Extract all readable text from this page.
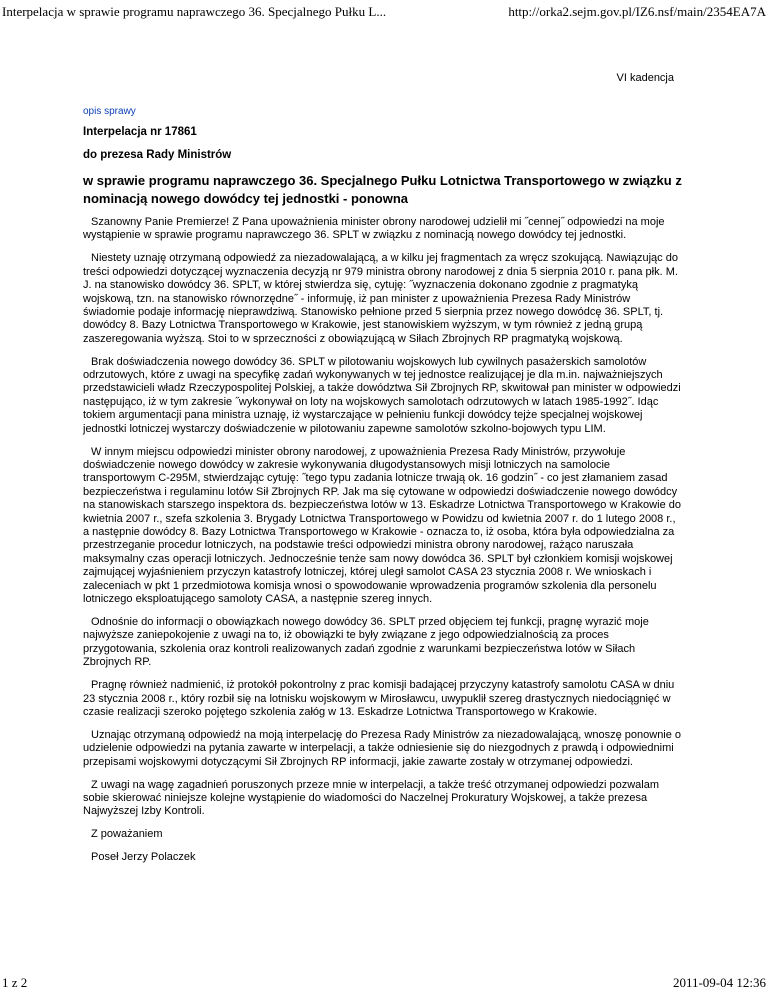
Interpelacja w sprawie programu naprawczego 36. Specjalnego Pułku L...	http://orka2.sejm.gov.pl/IZ6.nsf/main/2354EA7A
VI kadencja
opis sprawy

Interpelacja nr 17861

do prezesa Rady Ministrów

w sprawie programu naprawczego 36. Specjalnego Pułku Lotnictwa Transportowego w związku z nominacją nowego dowódcy tej jednostki - ponowna

Szanowny Panie Premierze! Z Pana upoważnienia minister obrony narodowej udzielił mi ˝cennej˝ odpowiedzi na moje wystąpienie w sprawie programu naprawczego 36. SPLT w związku z nominacją nowego dowódcy tej jednostki.

Niestety uznaję otrzymaną odpowiedź za niezadowalającą, a w kilku jej fragmentach za wręcz szokującą. Nawiązując do treści odpowiedzi dotyczącej wyznaczenia decyzją nr 979 ministra obrony narodowej z dnia 5 sierpnia 2010 r. pana płk. M. J. na stanowisko dowódcy 36. SPLT, w której stwierdza się, cytuję: ˝wyznaczenia dokonano zgodnie z pragmatyką wojskową, tzn. na stanowisko równorzędne˝ - informuję, iż pan minister z upoważnienia Prezesa Rady Ministrów świadomie podaje informację nieprawdziwą. Stanowisko pełnione przed 5 sierpnia przez nowego dowódcę 36. SPLT, tj. dowódcy 8. Bazy Lotnictwa Transportowego w Krakowie, jest stanowiskiem wyższym, w tym również z jedną grupą zaszeregowania wyższą. Stoi to w sprzeczności z obowiązującą w Siłach Zbrojnych RP pragmatyką wojskową.

Brak doświadczenia nowego dowódcy 36. SPLT w pilotowaniu wojskowych lub cywilnych pasażerskich samolotów odrzutowych, które z uwagi na specyfikę zadań wykonywanych w tej jednostce realizującej je dla m.in. najważniejszych przedstawicieli władz Rzeczypospolitej Polskiej, a także dowództwa Sił Zbrojnych RP, skwitował pan minister w odpowiedzi następująco, iż w tym zakresie ˝wykonywał on loty na wojskowych samolotach odrzutowych w latach 1985-1992˝. Idąc tokiem argumentacji pana ministra uznaję, iż wystarczające w pełnieniu funkcji dowódcy tejże specjalnej wojskowej jednostki lotniczej wystarczy doświadczenie w pilotowaniu zapewne samolotów szkolno-bojowych typu LIM.

W innym miejscu odpowiedzi minister obrony narodowej, z upoważnienia Prezesa Rady Ministrów, przywołuje doświadczenie nowego dowódcy w zakresie wykonywania długodystansowych misji lotniczych na samolocie transportowym C-295M, stwierdzając cytuję: ˝tego typu zadania lotnicze trwają ok. 16 godzin˝ - co jest złamaniem zasad bezpieczeństwa i regulaminu lotów Sił Zbrojnych RP. Jak ma się cytowane w odpowiedzi doświadczenie nowego dowódcy na stanowiskach starszego inspektora ds. bezpieczeństwa lotów w 13. Eskadrze Lotnictwa Transportowego w Krakowie do kwietnia 2007 r., szefa szkolenia 3. Brygady Lotnictwa Transportowego w Powidzu od kwietnia 2007 r. do 1 lutego 2008 r., a następnie dowódcy 8. Bazy Lotnictwa Transportowego w Krakowie - oznacza to, iż osoba, która była odpowiedzialna za przestrzeganie procedur lotniczych, na podstawie treści odpowiedzi ministra obrony narodowej, rażąco naruszała maksymalny czas operacji lotniczych. Jednocześnie tenże sam nowy dowódca 36. SPLT był członkiem komisji wojskowej zajmującej wyjaśnieniem przyczyn katastrofy lotniczej, której uległ samolot CASA 23 stycznia 2008 r. We wnioskach i zaleceniach w pkt 1 przedmiotowa komisja wnosi o spowodowanie wprowadzenia programów szkolenia dla personelu lotniczego eksploatującego samoloty CASA, a następnie szereg innych.

Odnośnie do informacji o obowiązkach nowego dowódcy 36. SPLT przed objęciem tej funkcji, pragnę wyrazić moje najwyższe zaniepokojenie z uwagi na to, iż obowiązki te były związane z jego odpowiedzialnością za proces przygotowania, szkolenia oraz kontroli realizowanych zadań zgodnie z warunkami bezpieczeństwa lotów w Siłach Zbrojnych RP.

Pragnę również nadmienić, iż protokół pokontrolny z prac komisji badającej przyczyny katastrofy samolotu CASA w dniu 23 stycznia 2008 r., który rozbił się na lotnisku wojskowym w Mirosławcu, uwypuklił szereg drastycznych niedociągnięć w czasie realizacji szeroko pojętego szkolenia załóg w 13. Eskadrze Lotnictwa Transportowego w Krakowie.

Uznając otrzymaną odpowiedź na moją interpelację do Prezesa Rady Ministrów za niezadowalającą, wnoszę ponownie o udzielenie odpowiedzi na pytania zawarte w interpelacji, a także odniesienie się do niezgodnych z prawdą i odpowiednimi przepisami wojskowymi dotyczącymi Sił Zbrojnych RP informacji, jakie zawarte zostały w otrzymanej odpowiedzi.

Z uwagi na wagę zagadnień poruszonych przeze mnie w interpelacji, a także treść otrzymanej odpowiedzi pozwalam sobie skierować niniejsze kolejne wystąpienie do wiadomości do Naczelnej Prokuratury Wojskowej, a także prezesa Najwyższej Izby Kontroli.

Z poważaniem

Poseł Jerzy Polaczek

1 z 2	2011-09-04 12:36
